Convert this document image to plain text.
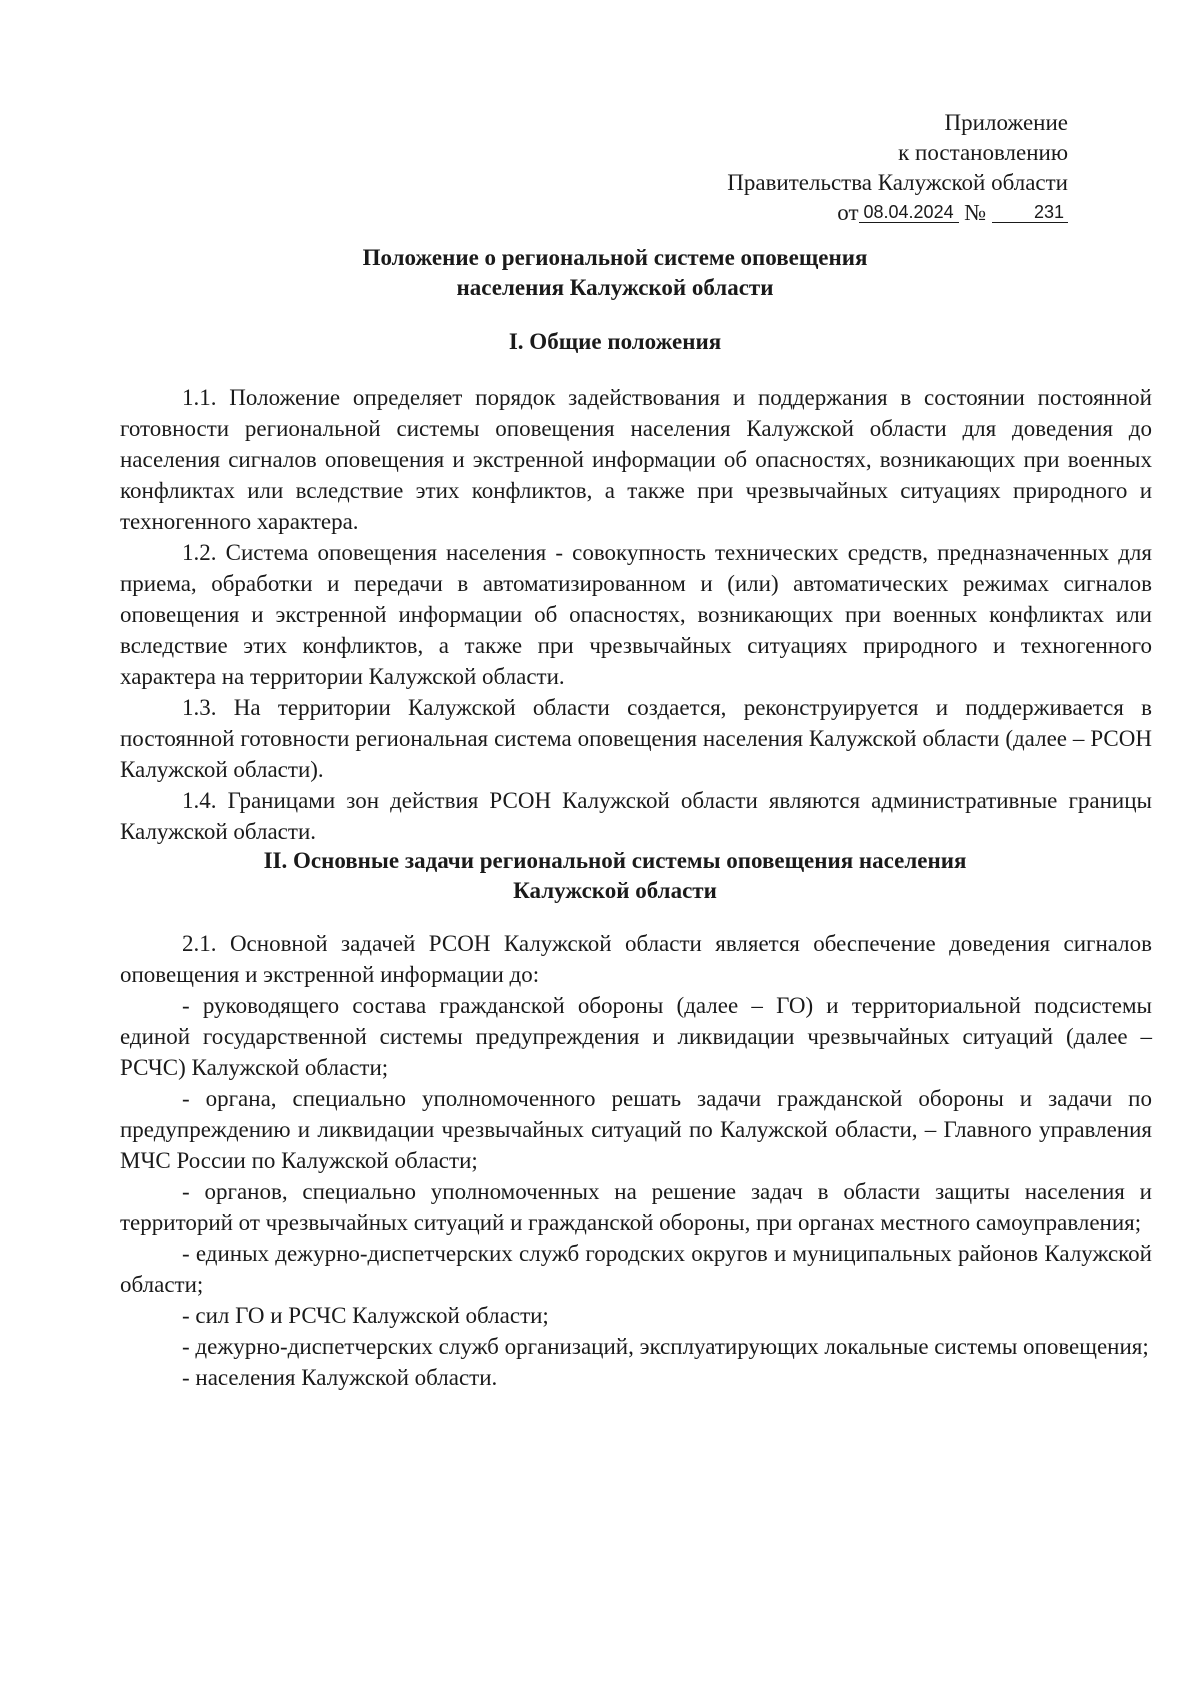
Приложение
к постановлению
Правительства Калужской области
от 08.04.2024 №	231
Положение о региональной системе оповещения
населения Калужской области
I. Общие положения

1.1. Положение определяет порядок задействования и поддержания в состоянии постоянной готовности региональной системы оповещения населения Калужской области для доведения до населения сигналов оповещения и экстренной информации об опасностях, возникающих при военных конфликтах или вследствие этих конфликтов, а также при чрезвычайных ситуациях природного и техногенного характера.

1.2. Система оповещения населения - совокупность технических средств, предназначенных для приема, обработки и передачи в автоматизированном и (или) автоматических режимах сигналов оповещения и экстренной информации об опасностях, возникающих при военных конфликтах или вследствие этих конфликтов, а также при чрезвычайных ситуациях природного и техногенного характера на территории Калужской области.

1.3. На территории Калужской области создается, реконструируется и поддерживается в постоянной готовности региональная система оповещения населения Калужской области (далее – РСОН Калужской области).

1.4. Границами зон действия РСОН Калужской области являются административные границы Калужской области.

II. Основные задачи региональной системы оповещения населения
Калужской области

2.1. Основной задачей РСОН Калужской области является обеспечение доведения сигналов оповещения и экстренной информации до:

- руководящего состава гражданской обороны (далее – ГО) и территориальной подсистемы единой государственной системы предупреждения и ликвидации чрезвычайных ситуаций (далее – РСЧС) Калужской области;

- органа, специально уполномоченного решать задачи гражданской обороны и задачи по предупреждению и ликвидации чрезвычайных ситуаций по Калужской области, – Главного управления МЧС России по Калужской области;

- органов, специально уполномоченных на решение задач в области защиты населения и территорий от чрезвычайных ситуаций и гражданской обороны, при органах местного самоуправления;

- единых дежурно-диспетчерских служб городских округов и муниципальных районов Калужской области;

- сил ГО и РСЧС Калужской области;

- дежурно-диспетчерских служб организаций, эксплуатирующих локальные системы оповещения;

- населения Калужской области.
